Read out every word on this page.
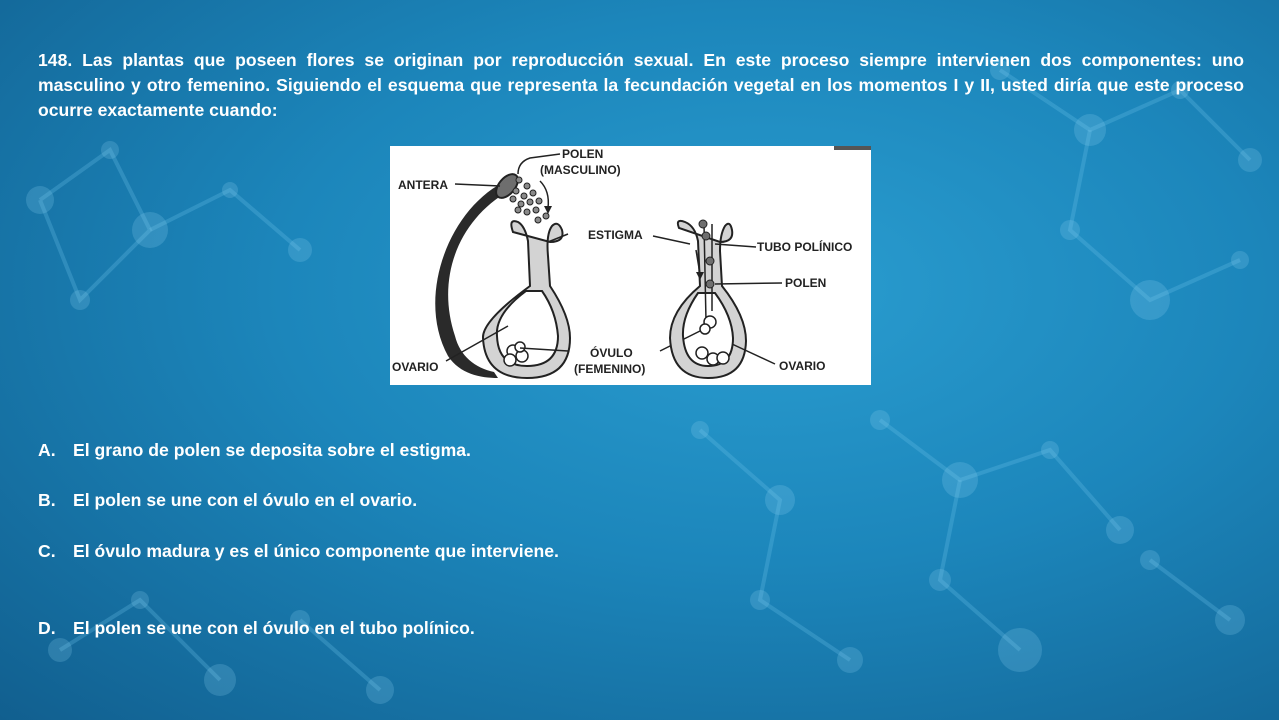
148. Las plantas que poseen flores se originan por reproducción sexual. En este proceso siempre intervienen dos componentes: uno masculino y otro femenino. Siguiendo el esquema que representa la fecundación vegetal en los momentos I y II, usted diría que este proceso ocurre exactamente cuando:

ANTERA
POLEN
(MASCULINO)
ESTIGMA
OVARIO
ÓVULO
(FEMENINO)
TUBO POLÍNICO
POLEN
OVARIO
A. El grano de polen se deposita sobre el estigma.
B. El polen se une con el óvulo en el ovario.
C. El óvulo madura y es el único componente que interviene.
D. El polen se une con el óvulo en el tubo polínico.
